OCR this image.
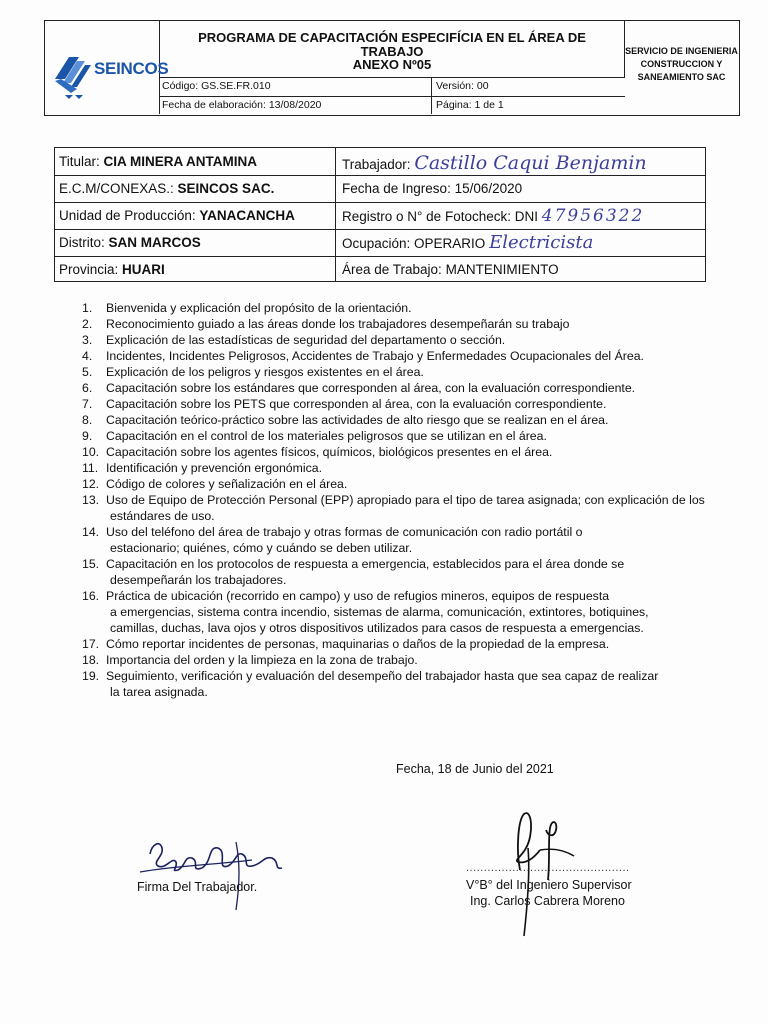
SEINCOS
PROGRAMA DE CAPACITACIÓN ESPECIFÍCIA EN EL ÁREA DE
TRABAJO
ANEXO Nº05
SERVICIO DE INGENIERIA
CONSTRUCCION Y
SANEAMIENTO SAC
Código: GS.SE.FR.010	Versión: 00
Fecha de elaboración: 13/08/2020	Página: 1 de 1
Titular: CIA MINERA ANTAMINA
E.C.M/CONEXAS.: SEINCOS SAC.
Unidad de Producción: YANACANCHA
Distrito: SAN MARCOS
Provincia: HUARI
Trabajador: Castillo Caqui Benjamin
Fecha de Ingreso: 15/06/2020
Registro o N° de Fotocheck: DNI 47956322
Ocupación: OPERARIO Electricista
Área de Trabajo: MANTENIMIENTO
1. Bienvenida y explicación del propósito de la orientación.
2. Reconocimiento guiado a las áreas donde los trabajadores desempeñarán su trabajo
3. Explicación de las estadísticas de seguridad del departamento o sección.
4. Incidentes, Incidentes Peligrosos, Accidentes de Trabajo y Enfermedades Ocupacionales del Área.
5. Explicación de los peligros y riesgos existentes en el área.
6. Capacitación sobre los estándares que corresponden al área, con la evaluación correspondiente.
7. Capacitación sobre los PETS que corresponden al área, con la evaluación correspondiente.
8. Capacitación teórico-práctico sobre las actividades de alto riesgo que se realizan en el área.
9. Capacitación en el control de los materiales peligrosos que se utilizan en el área.
10. Capacitación sobre los agentes físicos, químicos, biológicos presentes en el área.
11. Identificación y prevención ergonómica.
12. Código de colores y señalización en el área.
13. Uso de Equipo de Protección Personal (EPP) apropiado para el tipo de tarea asignada; con explicación de los
estándares de uso.
14. Uso del teléfono del área de trabajo y otras formas de comunicación con radio portátil o
estacionario; quiénes, cómo y cuándo se deben utilizar.
15. Capacitación en los protocolos de respuesta a emergencia, establecidos para el área donde se
desempeñarán los trabajadores.
16. Práctica de ubicación (recorrido en campo) y uso de refugios mineros, equipos de respuesta
a emergencias, sistema contra incendio, sistemas de alarma, comunicación, extintores, botiquines,
camillas, duchas, lava ojos y otros dispositivos utilizados para casos de respuesta a emergencias.
17. Cómo reportar incidentes de personas, maquinarias o daños de la propiedad de la empresa.
18. Importancia del orden y la limpieza en la zona de trabajo.
19. Seguimiento, verificación y evaluación del desempeño del trabajador hasta que sea capaz de realizar
la tarea asignada.
Fecha, 18 de Junio del 2021
Firma Del Trabajador.
..............................................
V°B° del Ingeniero Supervisor
Ing. Carlos Cabrera Moreno
